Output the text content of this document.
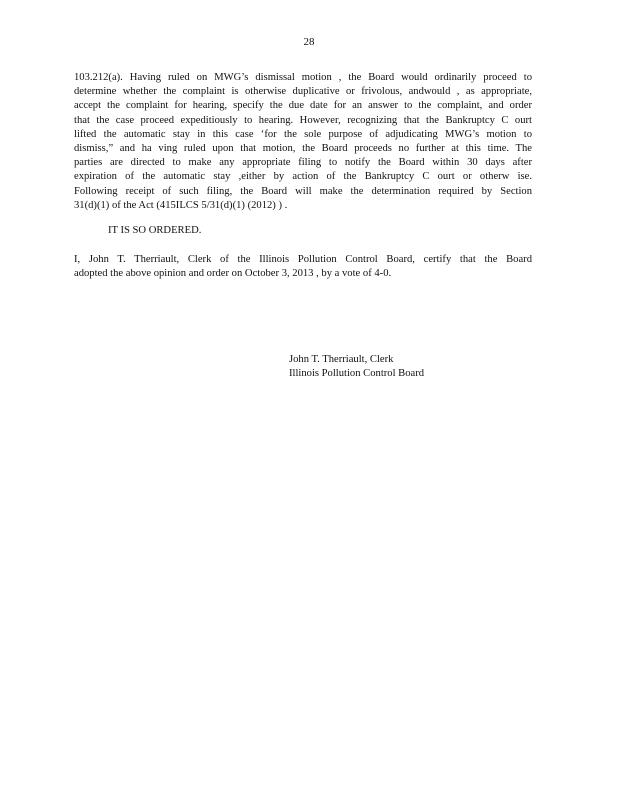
28
103.212(a). Having ruled on MWG’s dismissal motion , the Board would ordinarily proceed to
determine whether the complaint is otherwise duplicative or frivolous, andwould , as appropriate,
accept the complaint for hearing, specify the due date for an answer to the complaint, and order
that the case proceed expeditiously to hearing. However, recognizing that the Bankruptcy C ourt
lifted the automatic stay in this case ‘for the sole purpose of adjudicating MWG’s motion to
dismiss,” and ha ving ruled upon that motion, the Board proceeds no further at this time. The
parties are directed to make any appropriate filing to notify the Board within 30 days after
expiration of the automatic stay ,either by action of the Bankruptcy C ourt or otherw ise.
Following receipt of such filing, the Board will make the determination required by Section
31(d)(1) of the Act (415ILCS 5/31(d)(1) (2012) ) .
IT IS SO ORDERED.
I, John T. Therriault, Clerk of the Illinois Pollution Control Board, certify that the Board
adopted the above opinion and order on October 3, 2013 , by a vote of 4-0.
John T. Therriault, Clerk
Illinois Pollution Control Board
